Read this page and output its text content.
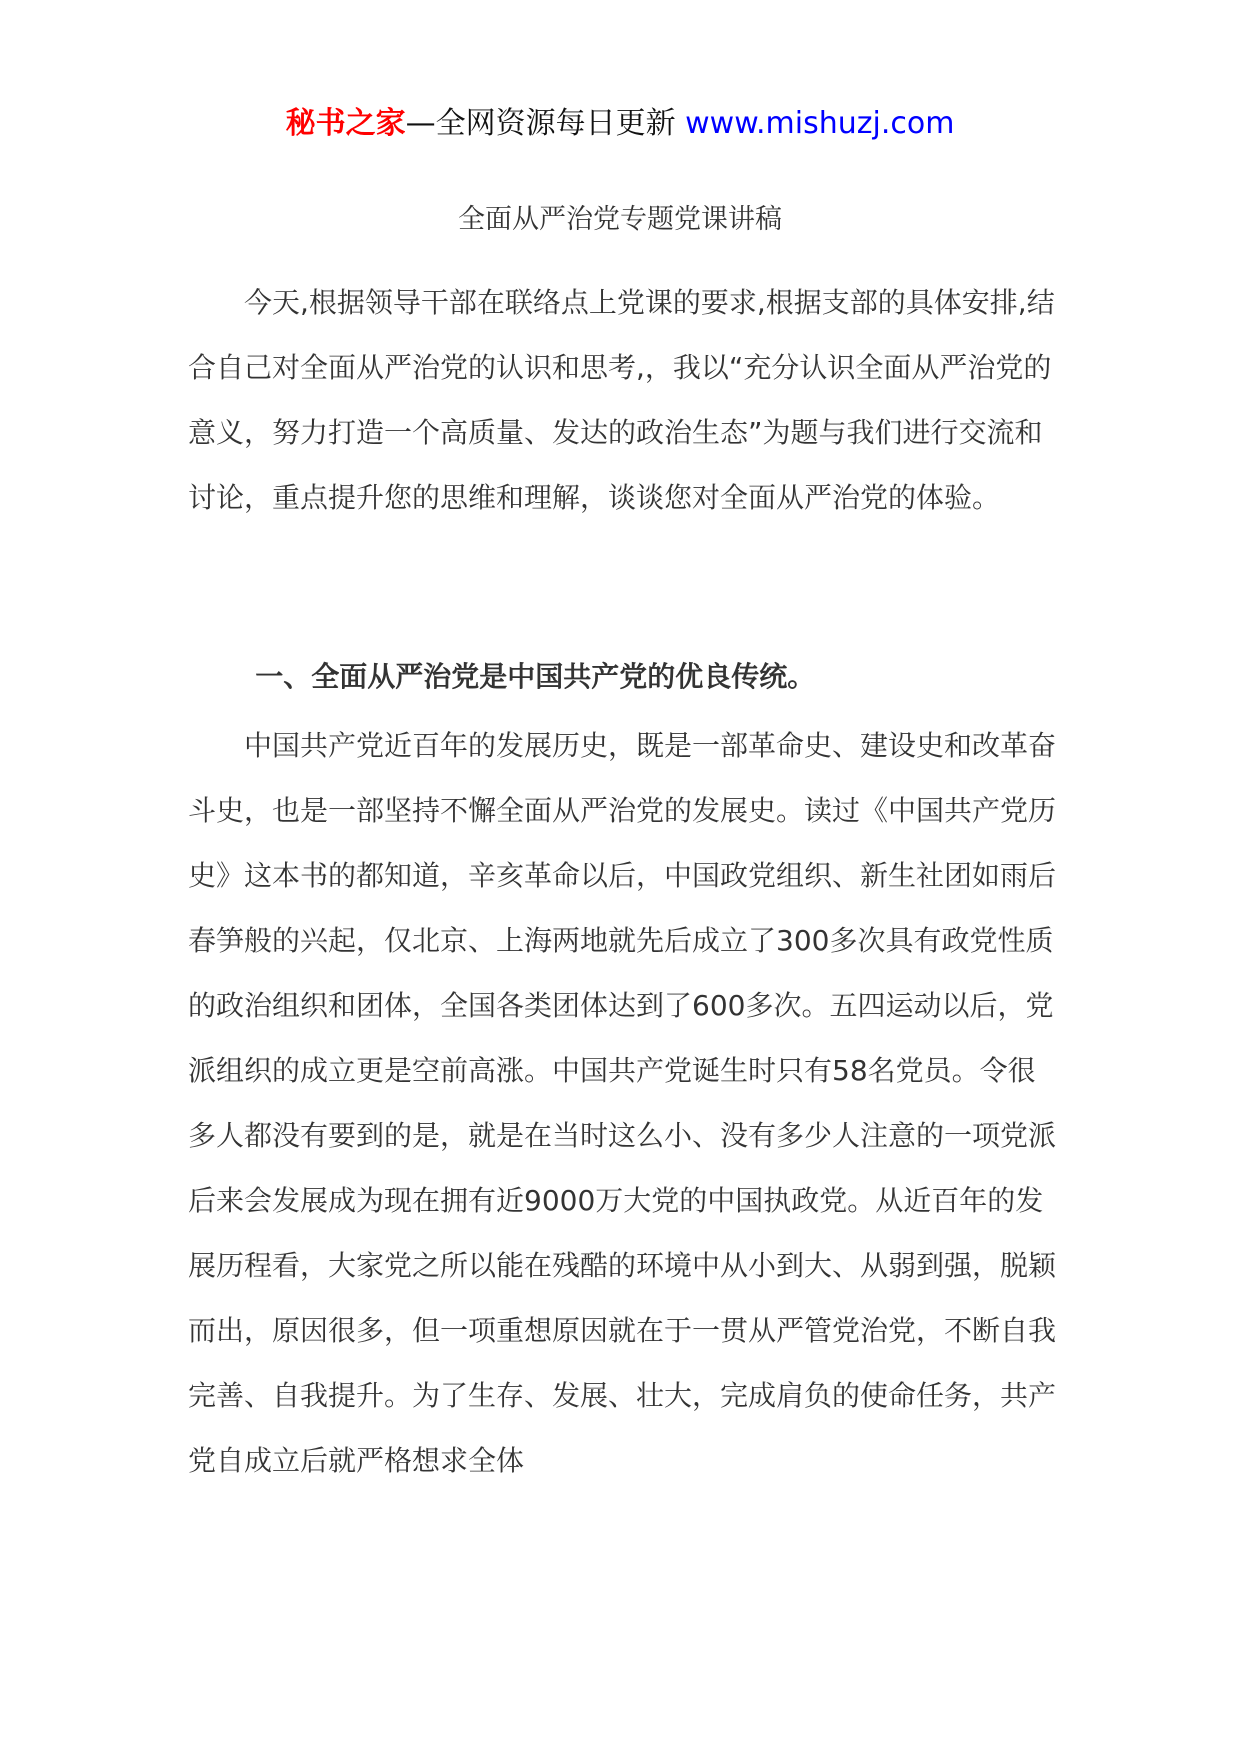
秘书之家—全网资源每日更新 www.mishuzj.com
全面从严治党专题党课讲稿

今天,根据领导干部在联络点上党课的要求,根据支部的具体安排,结合自己对全面从严治党的认识和思考,，我以“充分认识全面从严治党的意义，努力打造一个高质量、发达的政治生态”为题与我们进行交流和讨论，重点提升您的思维和理解，谈谈您对全面从严治党的体验。

一、全面从严治党是中国共产党的优良传统。

中国共产党近百年的发展历史，既是一部革命史、建设史和改革奋斗史，也是一部坚持不懈全面从严治党的发展史。读过《中国共产党历史》这本书的都知道，辛亥革命以后，中国政党组织、新生社团如雨后春笋般的兴起，仅北京、上海两地就先后成立了300多次具有政党性质的政治组织和团体，全国各类团体达到了600多次。五四运动以后，党派组织的成立更是空前高涨。中国共产党诞生时只有58名党员。令很多人都没有要到的是，就是在当时这么小、没有多少人注意的一项党派后来会发展成为现在拥有近9000万大党的中国执政党。从近百年的发展历程看，大家党之所以能在残酷的环境中从小到大、从弱到强，脱颖而出，原因很多，但一项重想原因就在于一贯从严管党治党，不断自我完善、自我提升。为了生存、发展、壮大，完成肩负的使命任务，共产党自成立后就严格想求全体
